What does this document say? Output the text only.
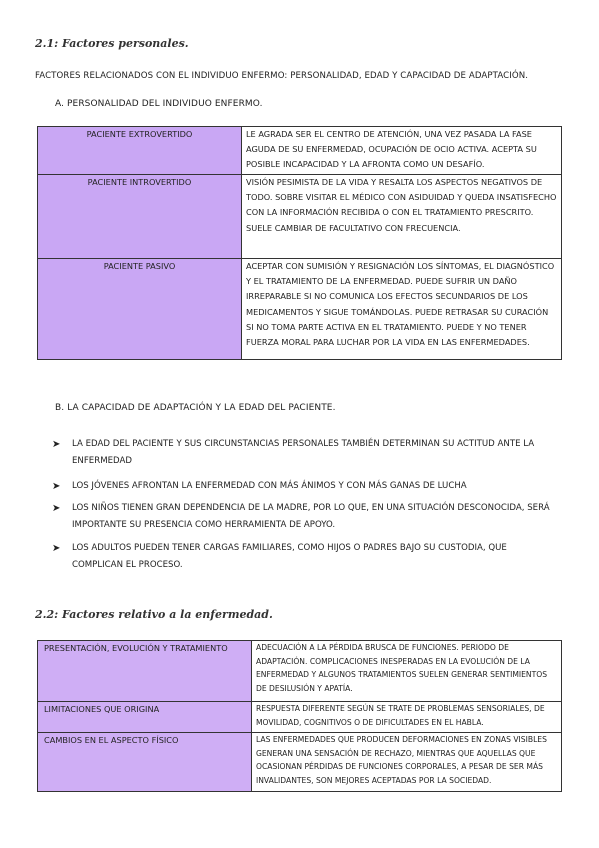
2.1: Factores personales.
FACTORES RELACIONADOS CON EL INDIVIDUO ENFERMO: PERSONALIDAD, EDAD Y CAPACIDAD DE ADAPTACIÓN.
A. PERSONALIDAD DEL INDIVIDUO ENFERMO.
PACIENTE EXTROVERTIDO	LE AGRADA SER EL CENTRO DE ATENCIÓN, UNA VEZ PASADA LA FASE AGUDA DE SU ENFERMEDAD, OCUPACIÓN DE OCIO ACTIVA. ACEPTA SU POSIBLE INCAPACIDAD Y LA AFRONTA COMO UN DESAFÍO.
PACIENTE INTROVERTIDO	VISIÓN PESIMISTA DE LA VIDA Y RESALTA LOS ASPECTOS NEGATIVOS DE TODO. SOBRE VISITAR EL MÉDICO CON ASIDUIDAD Y QUEDA INSATISFECHO CON LA INFORMACIÓN RECIBIDA O CON EL TRATAMIENTO PRESCRITO. SUELE CAMBIAR DE FACULTATIVO CON FRECUENCIA.
PACIENTE PASIVO	ACEPTAR CON SUMISIÓN Y RESIGNACIÓN LOS SÍNTOMAS, EL DIAGNÓSTICO Y EL TRATAMIENTO DE LA ENFERMEDAD. PUEDE SUFRIR UN DAÑO IRREPARABLE SI NO COMUNICA LOS EFECTOS SECUNDARIOS DE LOS MEDICAMENTOS Y SIGUE TOMÁNDOLAS. PUEDE RETRASAR SU CURACIÓN SI NO TOMA PARTE ACTIVA EN EL TRATAMIENTO. PUEDE Y NO TENER FUERZA MORAL PARA LUCHAR POR LA VIDA EN LAS ENFERMEDADES.
B. LA CAPACIDAD DE ADAPTACIÓN Y LA EDAD DEL PACIENTE.
➤ LA EDAD DEL PACIENTE Y SUS CIRCUNSTANCIAS PERSONALES TAMBIÉN DETERMINAN SU ACTITUD ANTE LA ENFERMEDAD
➤ LOS JÓVENES AFRONTAN LA ENFERMEDAD CON MÁS ÁNIMOS Y CON MÁS GANAS DE LUCHA
➤ LOS NIÑOS TIENEN GRAN DEPENDENCIA DE LA MADRE, POR LO QUE, EN UNA SITUACIÓN DESCONOCIDA, SERÁ IMPORTANTE SU PRESENCIA COMO HERRAMIENTA DE APOYO.
➤ LOS ADULTOS PUEDEN TENER CARGAS FAMILIARES, COMO HIJOS O PADRES BAJO SU CUSTODIA, QUE COMPLICAN EL PROCESO.
2.2: Factores relativo a la enfermedad.
PRESENTACIÓN, EVOLUCIÓN Y TRATAMIENTO	ADECUACIÓN A LA PÉRDIDA BRUSCA DE FUNCIONES. PERIODO DE ADAPTACIÓN. COMPLICACIONES INESPERADAS EN LA EVOLUCIÓN DE LA ENFERMEDAD Y ALGUNOS TRATAMIENTOS SUELEN GENERAR SENTIMIENTOS DE DESILUSIÓN Y APATÍA.
LIMITACIONES QUE ORIGINA	RESPUESTA DIFERENTE SEGÚN SE TRATE DE PROBLEMAS SENSORIALES, DE MOVILIDAD, COGNITIVOS O DE DIFICULTADES EN EL HABLA.
CAMBIOS EN EL ASPECTO FÍSICO	LAS ENFERMEDADES QUE PRODUCEN DEFORMACIONES EN ZONAS VISIBLES GENERAN UNA SENSACIÓN DE RECHAZO, MIENTRAS QUE AQUELLAS QUE OCASIONAN PÉRDIDAS DE FUNCIONES CORPORALES, A PESAR DE SER MÁS INVALIDANTES, SON MEJORES ACEPTADAS POR LA SOCIEDAD.
